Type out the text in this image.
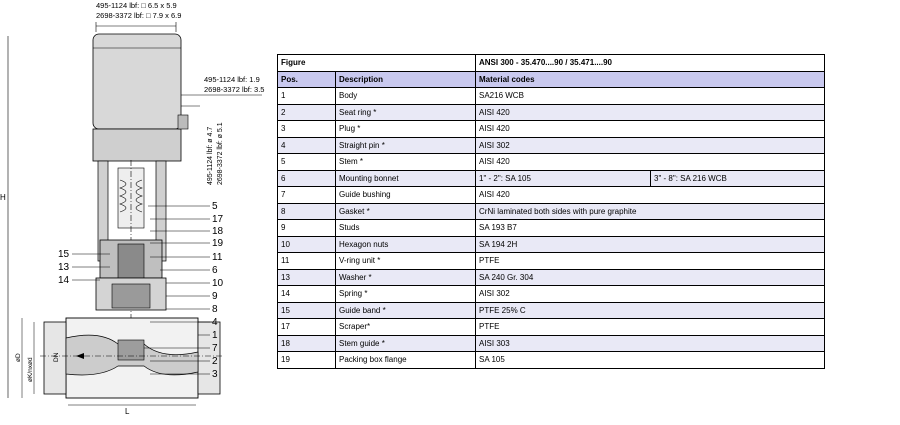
495-1124 lbf: □ 6.5 x 5.9
2698-3372 lbf: □ 7.9 x 6.9
495-1124 lbf: 1.9
2698-3372 lbf: 3.5
495-1124 lbf: ø 4.7 2698-3372 lbf: ø 5.1
H
øD øK/nxød
DN
L
5
17
18
19
11
6
10
9
8
4
1
7
2
3
15
13
14
Figure		ANSI 300 - 35.470....90 / 35.471....90	
Pos.	Description	Material codes	
1	Body	SA216 WCB	
2	Seat ring *	AISI 420	
3	Plug *	AISI 420	
4	Straight pin *	AISI 302	
5	Stem *	AISI 420	
6	Mounting bonnet	1" - 2": SA 105	3" - 8": SA 216 WCB
7	Guide bushing	AISI 420	
8	Gasket *	CrNi laminated both sides with pure graphite	
9	Studs	SA 193 B7	
10	Hexagon nuts	SA 194 2H	
11	V-ring unit *	PTFE	
13	Washer *	SA 240 Gr. 304	
14	Spring *	AISI 302	
15	Guide band *	PTFE 25% C	
17	Scraper*	PTFE	
18	Stem guide *	AISI 303	
19	Packing box flange	SA 105	
